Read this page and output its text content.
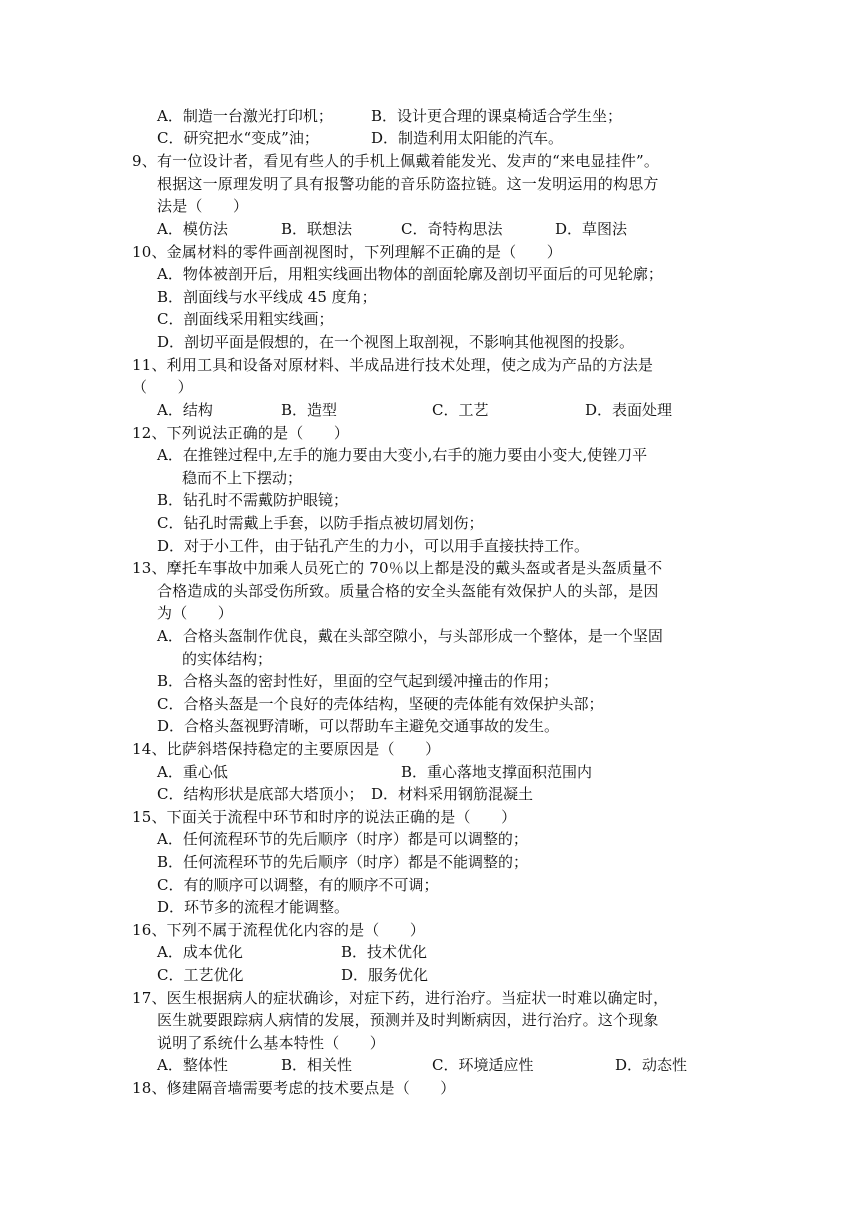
A．制造一台激光打印机；	B．设计更合理的课桌椅适合学生坐；
C．研究把水“变成”油；	D．制造利用太阳能的汽车。
9、有一位设计者，看见有些人的手机上佩戴着能发光、发声的“来电显挂件”。
根据这一原理发明了具有报警功能的音乐防盗拉链。这一发明运用的构思方
法是（　　）
A．模仿法	B．联想法	C．奇特构思法	D．草图法
10、金属材料的零件画剖视图时，下列理解不正确的是（　　）
A．物体被剖开后，用粗实线画出物体的剖面轮廓及剖切平面后的可见轮廓；
B．剖面线与水平线成 45 度角；
C．剖面线采用粗实线画；
D．剖切平面是假想的，在一个视图上取剖视，不影响其他视图的投影。
11、利用工具和设备对原材料、半成品进行技术处理，使之成为产品的方法是
（　　）
A．结构	B．造型	C．工艺	D．表面处理
12、下列说法正确的是（　　）
A．在推锉过程中,左手的施力要由大变小,右手的施力要由小变大,使锉刀平
稳而不上下摆动；
B．钻孔时不需戴防护眼镜；
C．钻孔时需戴上手套，以防手指点被切屑划伤；
D．对于小工件，由于钻孔产生的力小，可以用手直接扶持工作。
13、摩托车事故中加乘人员死亡的 70％以上都是没的戴头盔或者是头盔质量不
合格造成的头部受伤所致。质量合格的安全头盔能有效保护人的头部，是因
为（　　）
A．合格头盔制作优良，戴在头部空隙小，与头部形成一个整体，是一个坚固
的实体结构；
B．合格头盔的密封性好，里面的空气起到缓冲撞击的作用；
C．合格头盔是一个良好的壳体结构，坚硬的壳体能有效保护头部；
D．合格头盔视野清晰，可以帮助车主避免交通事故的发生。
14、比萨斜塔保持稳定的主要原因是（　　）
A．重心低	B．重心落地支撑面积范围内
C．结构形状是底部大塔顶小； D．材料采用钢筋混凝土
15、下面关于流程中环节和时序的说法正确的是（　　）
A．任何流程环节的先后顺序（时序）都是可以调整的；
B．任何流程环节的先后顺序（时序）都是不能调整的；
C．有的顺序可以调整，有的顺序不可调；
D．环节多的流程才能调整。
16、下列不属于流程优化内容的是（　　）
A．成本优化	B．技术优化
C．工艺优化	D．服务优化
17、医生根据病人的症状确诊，对症下药，进行治疗。当症状一时难以确定时，
医生就要跟踪病人病情的发展，预测并及时判断病因，进行治疗。这个现象
说明了系统什么基本特性（　　）
A．整体性	B．相关性	C．环境适应性	D．动态性
18、修建隔音墙需要考虑的技术要点是（　　）
